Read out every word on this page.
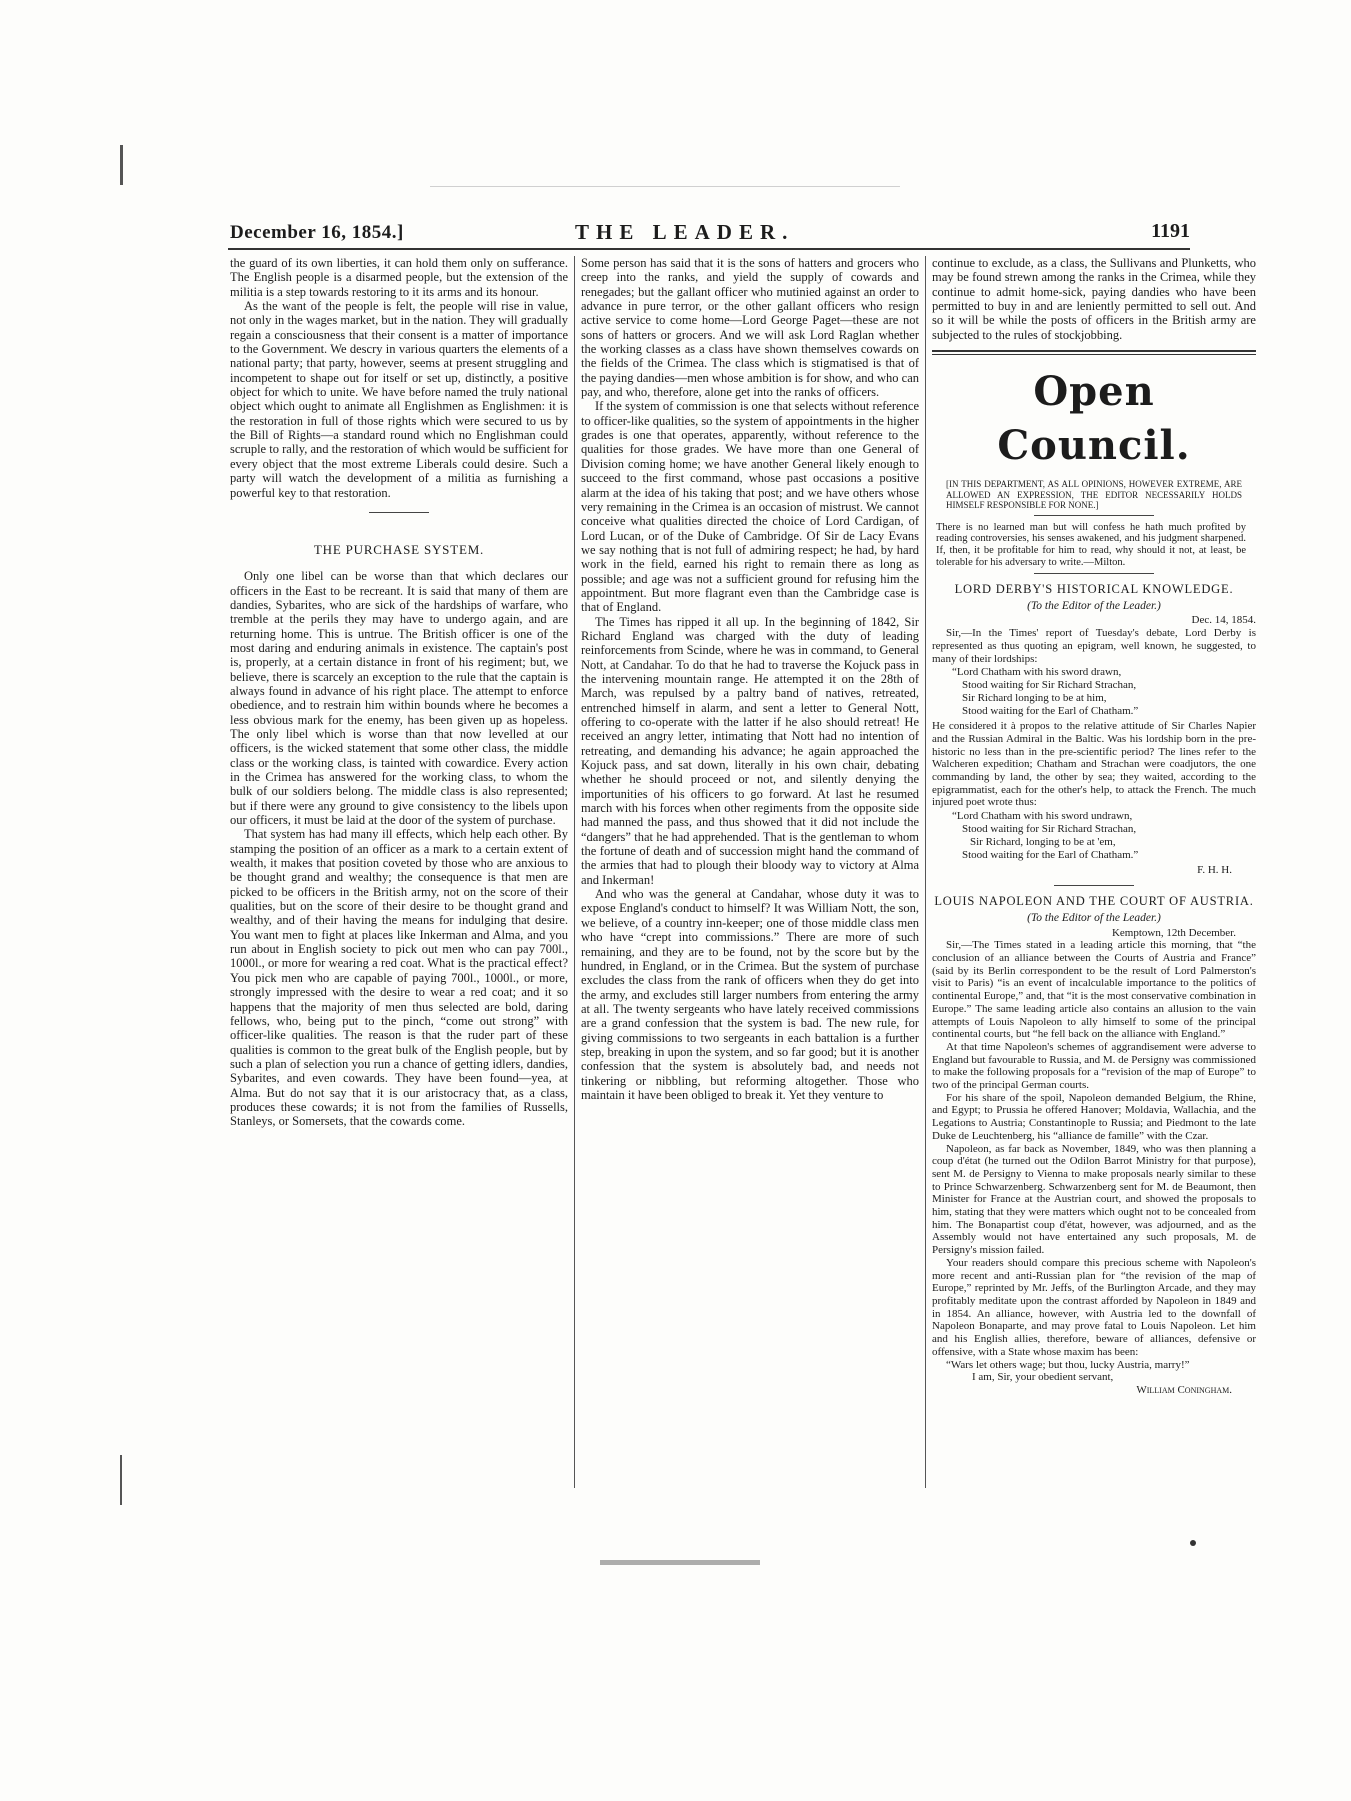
December 16, 1854.]	THE LEADER.	1191

the guard of its own liberties, it can hold them only on sufferance. The English people is a disarmed people, but the extension of the militia is a step towards restoring to it its arms and its honour.

As the want of the people is felt, the people will rise in value, not only in the wages market, but in the nation. They will gradually regain a consciousness that their consent is a matter of importance to the Government. We descry in various quarters the elements of a national party; that party, however, seems at present struggling and incompetent to shape out for itself or set up, distinctly, a positive object for which to unite. We have before named the truly national object which ought to animate all Englishmen as Englishmen: it is the restoration in full of those rights which were secured to us by the Bill of Rights—a standard round which no Englishman could scruple to rally, and the restoration of which would be sufficient for every object that the most extreme Liberals could desire. Such a party will watch the development of a militia as furnishing a powerful key to that restoration.

THE PURCHASE SYSTEM.

Only one libel can be worse than that which declares our officers in the East to be recreant. It is said that many of them are dandies, Sybarites, who are sick of the hardships of warfare, who tremble at the perils they may have to undergo again, and are returning home. This is untrue. The British officer is one of the most daring and enduring animals in existence. The captain's post is, properly, at a certain distance in front of his regiment; but, we believe, there is scarcely an exception to the rule that the captain is always found in advance of his right place. The attempt to enforce obedience, and to restrain him within bounds where he becomes a less obvious mark for the enemy, has been given up as hopeless. The only libel which is worse than that now levelled at our officers, is the wicked statement that some other class, the middle class or the working class, is tainted with cowardice. Every action in the Crimea has answered for the working class, to whom the bulk of our soldiers belong. The middle class is also represented; but if there were any ground to give consistency to the libels upon our officers, it must be laid at the door of the system of purchase.

That system has had many ill effects, which help each other. By stamping the position of an officer as a mark to a certain extent of wealth, it makes that position coveted by those who are anxious to be thought grand and wealthy; the consequence is that men are picked to be officers in the British army, not on the score of their qualities, but on the score of their desire to be thought grand and wealthy, and of their having the means for indulging that desire. You want men to fight at places like Inkerman and Alma, and you run about in English society to pick out men who can pay 700l., 1000l., or more for wearing a red coat. What is the practical effect? You pick men who are capable of paying 700l., 1000l., or more, strongly impressed with the desire to wear a red coat; and it so happens that the majority of men thus selected are bold, daring fellows, who, being put to the pinch, “come out strong” with officer-like qualities. The reason is that the ruder part of these qualities is common to the great bulk of the English people, but by such a plan of selection you run a chance of getting idlers, dandies, Sybarites, and even cowards. They have been found—yea, at Alma. But do not say that it is our aristocracy that, as a class, produces these cowards; it is not from the families of Russells, Stanleys, or Somersets, that the cowards come.

Some person has said that it is the sons of hatters and grocers who creep into the ranks, and yield the supply of cowards and renegades; but the gallant officer who mutinied against an order to advance in pure terror, or the other gallant officers who resign active service to come home—Lord George Paget—these are not sons of hatters or grocers. And we will ask Lord Raglan whether the working classes as a class have shown themselves cowards on the fields of the Crimea. The class which is stigmatised is that of the paying dandies—men whose ambition is for show, and who can pay, and who, therefore, alone get into the ranks of officers.

If the system of commission is one that selects without reference to officer-like qualities, so the system of appointments in the higher grades is one that operates, apparently, without reference to the qualities for those grades. We have more than one General of Division coming home; we have another General likely enough to succeed to the first command, whose past occasions a positive alarm at the idea of his taking that post; and we have others whose very remaining in the Crimea is an occasion of mistrust. We cannot conceive what qualities directed the choice of Lord Cardigan, of Lord Lucan, or of the Duke of Cambridge. Of Sir de Lacy Evans we say nothing that is not full of admiring respect; he had, by hard work in the field, earned his right to remain there as long as possible; and age was not a sufficient ground for refusing him the appointment. But more flagrant even than the Cambridge case is that of England.

The Times has ripped it all up. In the beginning of 1842, Sir Richard England was charged with the duty of leading reinforcements from Scinde, where he was in command, to General Nott, at Candahar. To do that he had to traverse the Kojuck pass in the intervening mountain range. He attempted it on the 28th of March, was repulsed by a paltry band of natives, retreated, entrenched himself in alarm, and sent a letter to General Nott, offering to co-operate with the latter if he also should retreat! He received an angry letter, intimating that Nott had no intention of retreating, and demanding his advance; he again approached the Kojuck pass, and sat down, literally in his own chair, debating whether he should proceed or not, and silently denying the importunities of his officers to go forward. At last he resumed march with his forces when other regiments from the opposite side had manned the pass, and thus showed that it did not include the “dangers” that he had apprehended. That is the gentleman to whom the fortune of death and of succession might hand the command of the armies that had to plough their bloody way to victory at Alma and Inkerman!

And who was the general at Candahar, whose duty it was to expose England's conduct to himself? It was William Nott, the son, we believe, of a country inn-keeper; one of those middle class men who have “crept into commissions.” There are more of such remaining, and they are to be found, not by the score but by the hundred, in England, or in the Crimea. But the system of purchase excludes the class from the rank of officers when they do get into the army, and excludes still larger numbers from entering the army at all. The twenty sergeants who have lately received commissions are a grand confession that the system is bad. The new rule, for giving commissions to two sergeants in each battalion is a further step, breaking in upon the system, and so far good; but it is another confession that the system is absolutely bad, and needs not tinkering or nibbling, but reforming altogether. Those who maintain it have been obliged to break it. Yet they venture to

continue to exclude, as a class, the Sullivans and Plunketts, who may be found strewn among the ranks in the Crimea, while they continue to admit home-sick, paying dandies who have been permitted to buy in and are leniently permitted to sell out. And so it will be while the posts of officers in the British army are subjected to the rules of stockjobbing.

Open Council.
[IN THIS DEPARTMENT, AS ALL OPINIONS, HOWEVER EXTREME, ARE ALLOWED AN EXPRESSION, THE EDITOR NECESSARILY HOLDS HIMSELF RESPONSIBLE FOR NONE.]
There is no learned man but will confess he hath much profited by reading controversies, his senses awakened, and his judgment sharpened. If, then, it be profitable for him to read, why should it not, at least, be tolerable for his adversary to write.—Milton.
LORD DERBY'S HISTORICAL KNOWLEDGE.
(To the Editor of the Leader.)

Dec. 14, 1854.

Sir,—In the Times' report of Tuesday's debate, Lord Derby is represented as thus quoting an epigram, well known, he suggested, to many of their lordships:

“Lord Chatham with his sword drawn,
Stood waiting for Sir Richard Strachan,
Sir Richard longing to be at him,
Stood waiting for the Earl of Chatham.”

He considered it à propos to the relative attitude of Sir Charles Napier and the Russian Admiral in the Baltic. Was his lordship born in the pre-historic no less than in the pre-scientific period? The lines refer to the Walcheren expedition; Chatham and Strachan were coadjutors, the one commanding by land, the other by sea; they waited, according to the epigrammatist, each for the other's help, to attack the French. The much injured poet wrote thus:

“Lord Chatham with his sword undrawn,
Stood waiting for Sir Richard Strachan,
Sir Richard, longing to be at 'em,
Stood waiting for the Earl of Chatham.”

F. H. H.

LOUIS NAPOLEON AND THE COURT OF AUSTRIA.
(To the Editor of the Leader.)

Kemptown, 12th December.

Sir,—The Times stated in a leading article this morning, that “the conclusion of an alliance between the Courts of Austria and France” (said by its Berlin correspondent to be the result of Lord Palmerston's visit to Paris) “is an event of incalculable importance to the politics of continental Europe,” and, that “it is the most conservative combination in Europe.” The same leading article also contains an allusion to the vain attempts of Louis Napoleon to ally himself to some of the principal continental courts, but “he fell back on the alliance with England.”

At that time Napoleon's schemes of aggrandisement were adverse to England but favourable to Russia, and M. de Persigny was commissioned to make the following proposals for a “revision of the map of Europe” to two of the principal German courts.

For his share of the spoil, Napoleon demanded Belgium, the Rhine, and Egypt; to Prussia he offered Hanover; Moldavia, Wallachia, and the Legations to Austria; Constantinople to Russia; and Piedmont to the late Duke de Leuchtenberg, his “alliance de famille” with the Czar.

Napoleon, as far back as November, 1849, who was then planning a coup d'état (he turned out the Odilon Barrot Ministry for that purpose), sent M. de Persigny to Vienna to make proposals nearly similar to these to Prince Schwarzenberg. Schwarzenberg sent for M. de Beaumont, then Minister for France at the Austrian court, and showed the proposals to him, stating that they were matters which ought not to be concealed from him. The Bonapartist coup d'état, however, was adjourned, and as the Assembly would not have entertained any such proposals, M. de Persigny's mission failed.

Your readers should compare this precious scheme with Napoleon's more recent and anti-Russian plan for “the revision of the map of Europe,” reprinted by Mr. Jeffs, of the Burlington Arcade, and they may profitably meditate upon the contrast afforded by Napoleon in 1849 and in 1854. An alliance, however, with Austria led to the downfall of Napoleon Bonaparte, and may prove fatal to Louis Napoleon. Let him and his English allies, therefore, beware of alliances, defensive or offensive, with a State whose maxim has been:

“Wars let others wage; but thou, lucky Austria, marry!”

I am, Sir, your obedient servant,

William Coningham.
